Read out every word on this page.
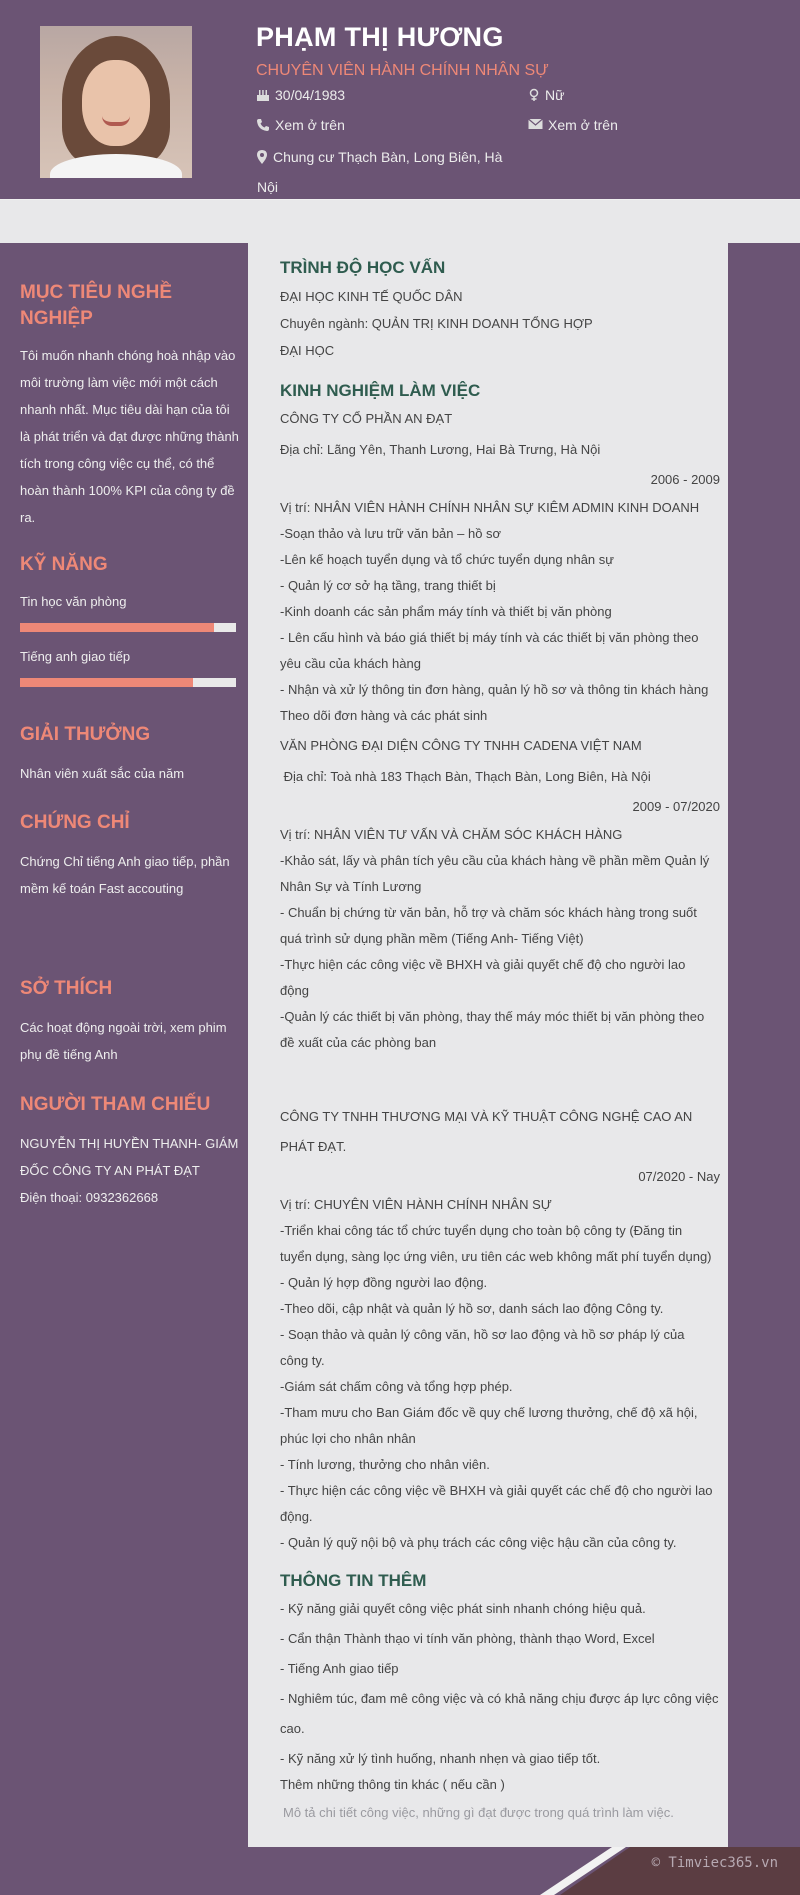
PHẠM THỊ HƯƠNG
CHUYÊN VIÊN HÀNH CHÍNH NHÂN SỰ
30/04/1983	Nữ
Xem ở trên	Xem ở trên
Chung cư Thạch Bàn, Long Biên, Hà
Nội
MỤC TIÊU NGHỀ
NGHIỆP
Tôi muốn nhanh chóng hoà nhập vào
môi trường làm việc mới một cách
nhanh nhất. Mục tiêu dài hạn của tôi
là phát triển và đạt được những thành
tích trong công việc cụ thể, có thể
hoàn thành 100% KPI của công ty đề
ra.
KỸ NĂNG
Tin học văn phòng
Tiếng anh giao tiếp
GIẢI THƯỞNG
Nhân viên xuất sắc của năm
CHỨNG CHỈ
Chứng Chỉ tiếng Anh giao tiếp, phần
mềm kế toán Fast accouting
SỞ THÍCH
Các hoạt động ngoài trời, xem phim
phụ đề tiếng Anh
NGƯỜI THAM CHIẾU
NGUYỄN THỊ HUYỀN THANH- GIÁM
ĐỐC CÔNG TY AN PHÁT ĐẠT
Điện thoại: 0932362668
TRÌNH ĐỘ HỌC VẤN
ĐẠI HỌC KINH TẾ QUỐC DÂN
Chuyên ngành: QUẢN TRỊ KINH DOANH TỔNG HỢP
ĐẠI HỌC
KINH NGHIỆM LÀM VIỆC
CÔNG TY CỔ PHẦN AN ĐẠT
Địa chỉ: Lãng Yên, Thanh Lương, Hai Bà Trưng, Hà Nội
2006 - 2009
Vị trí: NHÂN VIÊN HÀNH CHÍNH NHÂN SỰ KIÊM ADMIN KINH DOANH
-Soạn thảo và lưu trữ văn bản – hồ sơ
-Lên kế hoạch tuyển dụng và tổ chức tuyển dụng nhân sự
- Quản lý cơ sở hạ tầng, trang thiết bị
-Kinh doanh các sản phẩm máy tính và thiết bị văn phòng
- Lên cấu hình và báo giá thiết bị máy tính và các thiết bị văn phòng theo
yêu cầu của khách hàng
- Nhận và xử lý thông tin đơn hàng, quản lý hồ sơ và thông tin khách hàng
Theo dõi đơn hàng và các phát sinh
VĂN PHÒNG ĐẠI DIỆN CÔNG TY TNHH CADENA VIỆT NAM
Địa chỉ: Toà nhà 183 Thạch Bàn, Thạch Bàn, Long Biên, Hà Nội
2009 - 07/2020
Vị trí: NHÂN VIÊN TƯ VẤN VÀ CHĂM SÓC KHÁCH HÀNG
-Khảo sát, lấy và phân tích yêu cầu của khách hàng về phần mềm Quản lý
Nhân Sự và Tính Lương
- Chuẩn bị chứng từ văn bản, hỗ trợ và chăm sóc khách hàng trong suốt
quá trình sử dụng phần mềm (Tiếng Anh- Tiếng Việt)
-Thực hiện các công việc về BHXH và giải quyết chế độ cho người lao
động
-Quản lý các thiết bị văn phòng, thay thế máy móc thiết bị văn phòng theo
đề xuất của các phòng ban
CÔNG TY TNHH THƯƠNG MẠI VÀ KỸ THUẬT CÔNG NGHỆ CAO AN
PHÁT ĐẠT.
07/2020 - Nay
Vị trí: CHUYÊN VIÊN HÀNH CHÍNH NHÂN SỰ
-Triển khai công tác tổ chức tuyển dụng cho toàn bộ công ty (Đăng tin
tuyển dụng, sàng lọc ứng viên, ưu tiên các web không mất phí tuyển dụng)
- Quản lý hợp đồng người lao động.
-Theo dõi, cập nhật và quản lý hồ sơ, danh sách lao động Công ty.
- Soạn thảo và quản lý công văn, hồ sơ lao động và hồ sơ pháp lý của
công ty.
-Giám sát chấm công và tổng hợp phép.
-Tham mưu cho Ban Giám đốc về quy chế lương thưởng, chế độ xã hội,
phúc lợi cho nhân nhân
- Tính lương, thưởng cho nhân viên.
- Thực hiện các công việc về BHXH và giải quyết các chế độ cho người lao
động.
- Quản lý quỹ nội bộ và phụ trách các công việc hậu cần của công ty.
THÔNG TIN THÊM
- Kỹ năng giải quyết công việc phát sinh nhanh chóng hiệu quả.
- Cẩn thận Thành thạo vi tính văn phòng, thành thạo Word, Excel
- Tiếng Anh giao tiếp
- Nghiêm túc, đam mê công việc và có khả năng chịu được áp lực công việc
cao.
- Kỹ năng xử lý tình huống, nhanh nhẹn và giao tiếp tốt.
Thêm những thông tin khác ( nếu cần )
Mô tả chi tiết công việc, những gì đạt được trong quá trình làm việc.
© Timviec365.vn
